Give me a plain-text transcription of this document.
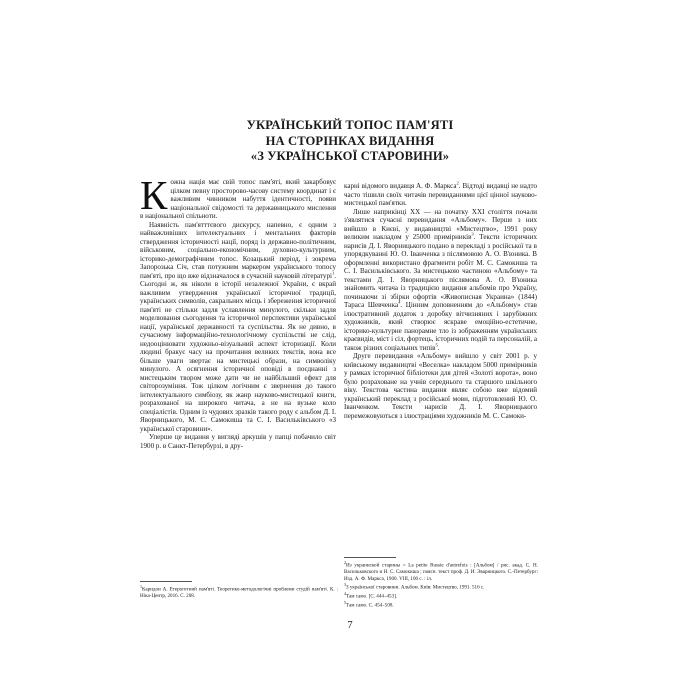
УКРАЇНСЬКИЙ ТОПОС ПАМ'ЯТІ
НА СТОРІНКАХ ВИДАННЯ
«З УКРАЇНСЬКОЇ СТАРОВИНИ»

Кожна нація має свій топос пам'яті, який закарбовує цілком певну просторово-часову систему координат і є важливим чинником набуття ідентичності, появи національної свідомості та державницького мислення в національної спільноти.

Наявність пам'ятттєвого дискурсу, напевно, є одним з найважливіших інтелектуальних і ментальних факторів ствердження історичності нації, поряд із державно-політичним, військовим, соціально-економічним, духовно-культурним, історико-демографічним топос. Козацький період, і зокрема Запорозька Січ, став потужним маркером українського топосу пам'яті, про що вже відзначалося в сучасній науковій літературі$^1$. Сьогодні ж, як ніколи в історії незалежної України, є вкрай важливим утвердження української історичної традиції, українських символів, сакральних місць і збереження історичної пам'яті не стільки задля уславлення минулого, скільки задля моделювання сьогодення та історичної перспективи української нації, української державності та суспільства. Як не дивно, в сучасному інформаційно-технологічному суспільстві не слід, недооцінювати художньо-візуальний аспект історизації. Коли людині бракує часу на прочитання великих текстів, вона все більше уваги звертає на мистецькі образи, на символіку минулого. А осягнення історичної оповіді в поєднанні з мистецьким твором може дати чи не найбільший ефект для світорозуміння. Тож цілком логічним є звернення до такого інтелектуального симбіозу, як жанр науково-мистецької книги, розрахованої на широкого читача, а не на вузьке коло спеціалістів. Одним із чудових зразків такого роду є альбом Д. І. Яворницького, М. С. Самокиша та С. І. Васильківського «З української старовини».

Уперше це видання у вигляді аркушів у папці побачило світ 1900 р. в Санкт-Петербурзі, в дру-

карні відомого видавця А. Ф. Маркса$^2$. Відтоді видавці не надто часто тішили своїх читачів перевиданнями цієї цінної науково-мистецької пам'ятки.

Лише наприкінці XX — на початку XXI століття почали з'являтися сучасні перевидання «Альбому». Перше з них вийшло в Києві, у видавництві «Мистецтво», 1991 року великим накладом у 25000 примірників$^3$. Тексти історичних нарисів Д. І. Яворницького подано в перекладі з російської та в упорядкуванні Ю. О. Іванченка з післямовою А. О. В'юника. В оформленні використано фрагменти робіт М. С. Самокиша та С. І. Васильківського. За мистецькою частиною «Альбому» та текстами Д. І. Яворницького післямова А. О. В'юника знайомить читача із традицією видання альбомів про Україну, починаючи зі збірки офортів «Живописная Украина» (1844) Тараса Шевченка$^4$. Цінним доповненням до «Альбому» став ілюстративний додаток з доробку вітчизняних і зарубіжних художників, який створює яскраве емоційно-естетичне, історико-культурне панорамне тло із зображенням українських краєвидів, міст і сіл, фортець, історичних подій та персоналій, а також різних соціальних типів$^5$.

Друге перевидання «Альбому» вийшло у світ 2001 р. у київському видавництві «Веселка» накладом 5000 примірників у рамках історичної бібліотеки для дітей «Золоті ворота», воно було розраховане на учнів середнього та старшого шкільного віку. Текстова частина видання являє собою вже відомий український переклад з російської мови, підготовлений Ю. О. Іванченком. Тексти нарисів Д. І. Яворницького перемежовуються з ілюстраціями художників М. С. Самоки-

$^1$Каридон А. Етерогетний пам'яті. Теоретико-методологічні проблеми студій пам'яті. К. : Ніка-Центр, 2016. С. 208.

$^2$Из украинской старины = La petite Russie d'autrefois : [Альбом] / рис. акад. С. Н. Васильковского и Н. С. Самокиша ; поясн. текст проф. Д. И. Эварницкого. С.-Петербург: Изд. А. Ф. Маркса, 1900. VIII, 100 с. : іл.

$^3$З української старовини. Альбом. Київ: Мистецтво, 1991. 516 с.

$^4$Там само. [С. 444–453].

$^5$Там само. С. 454–508.

7
